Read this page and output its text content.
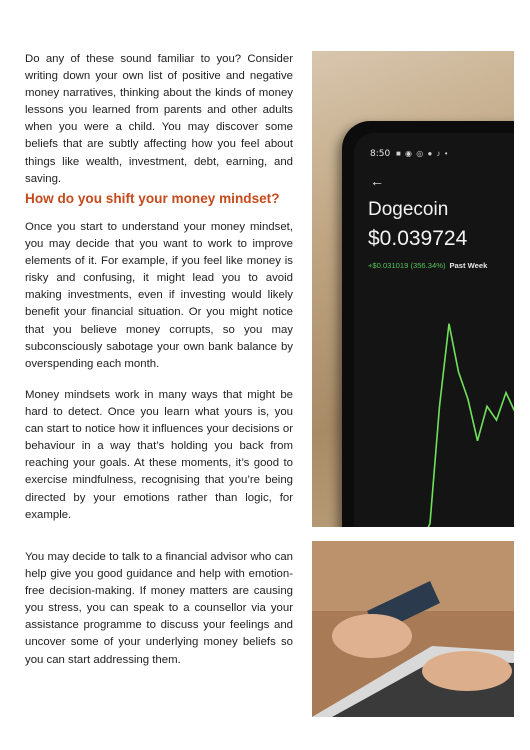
Do any of these sound familiar to you? Consider writing down your own list of positive and negative money narratives, thinking about the kinds of money lessons you learned from parents and other adults when you were a child. You may discover some beliefs that are subtly affecting how you feel about things like wealth, investment, debt, earning, and saving.

How do you shift your money mindset?

Once you start to understand your money mindset, you may decide that you want to work to improve elements of it. For example, if you feel like money is risky and confusing, it might lead you to avoid making investments, even if investing would likely benefit your financial situation. Or you might notice that you believe money corrupts, so you may subconsciously sabotage your own bank balance by overspending each month.

Money mindsets work in many ways that might be hard to detect. Once you learn what yours is, you can start to notice how it influences your decisions or behaviour in a way that’s holding you back from reaching your goals. At these moments, it’s good to exercise mindfulness, recognising that you’re being directed by your emotions rather than logic, for example.

You may decide to talk to a financial advisor who can help give you good guidance and help with emotion-free decision-making. If money matters are causing you stress, you can speak to a counsellor via your assistance programme to discuss your feelings and uncover some of your underlying money beliefs so you can start addressing them.

8:50 ■ ◉ ◎ ● ♪ •
←
Dogecoin
$0.039724
+$0.031019 (356.34%) Past Week
